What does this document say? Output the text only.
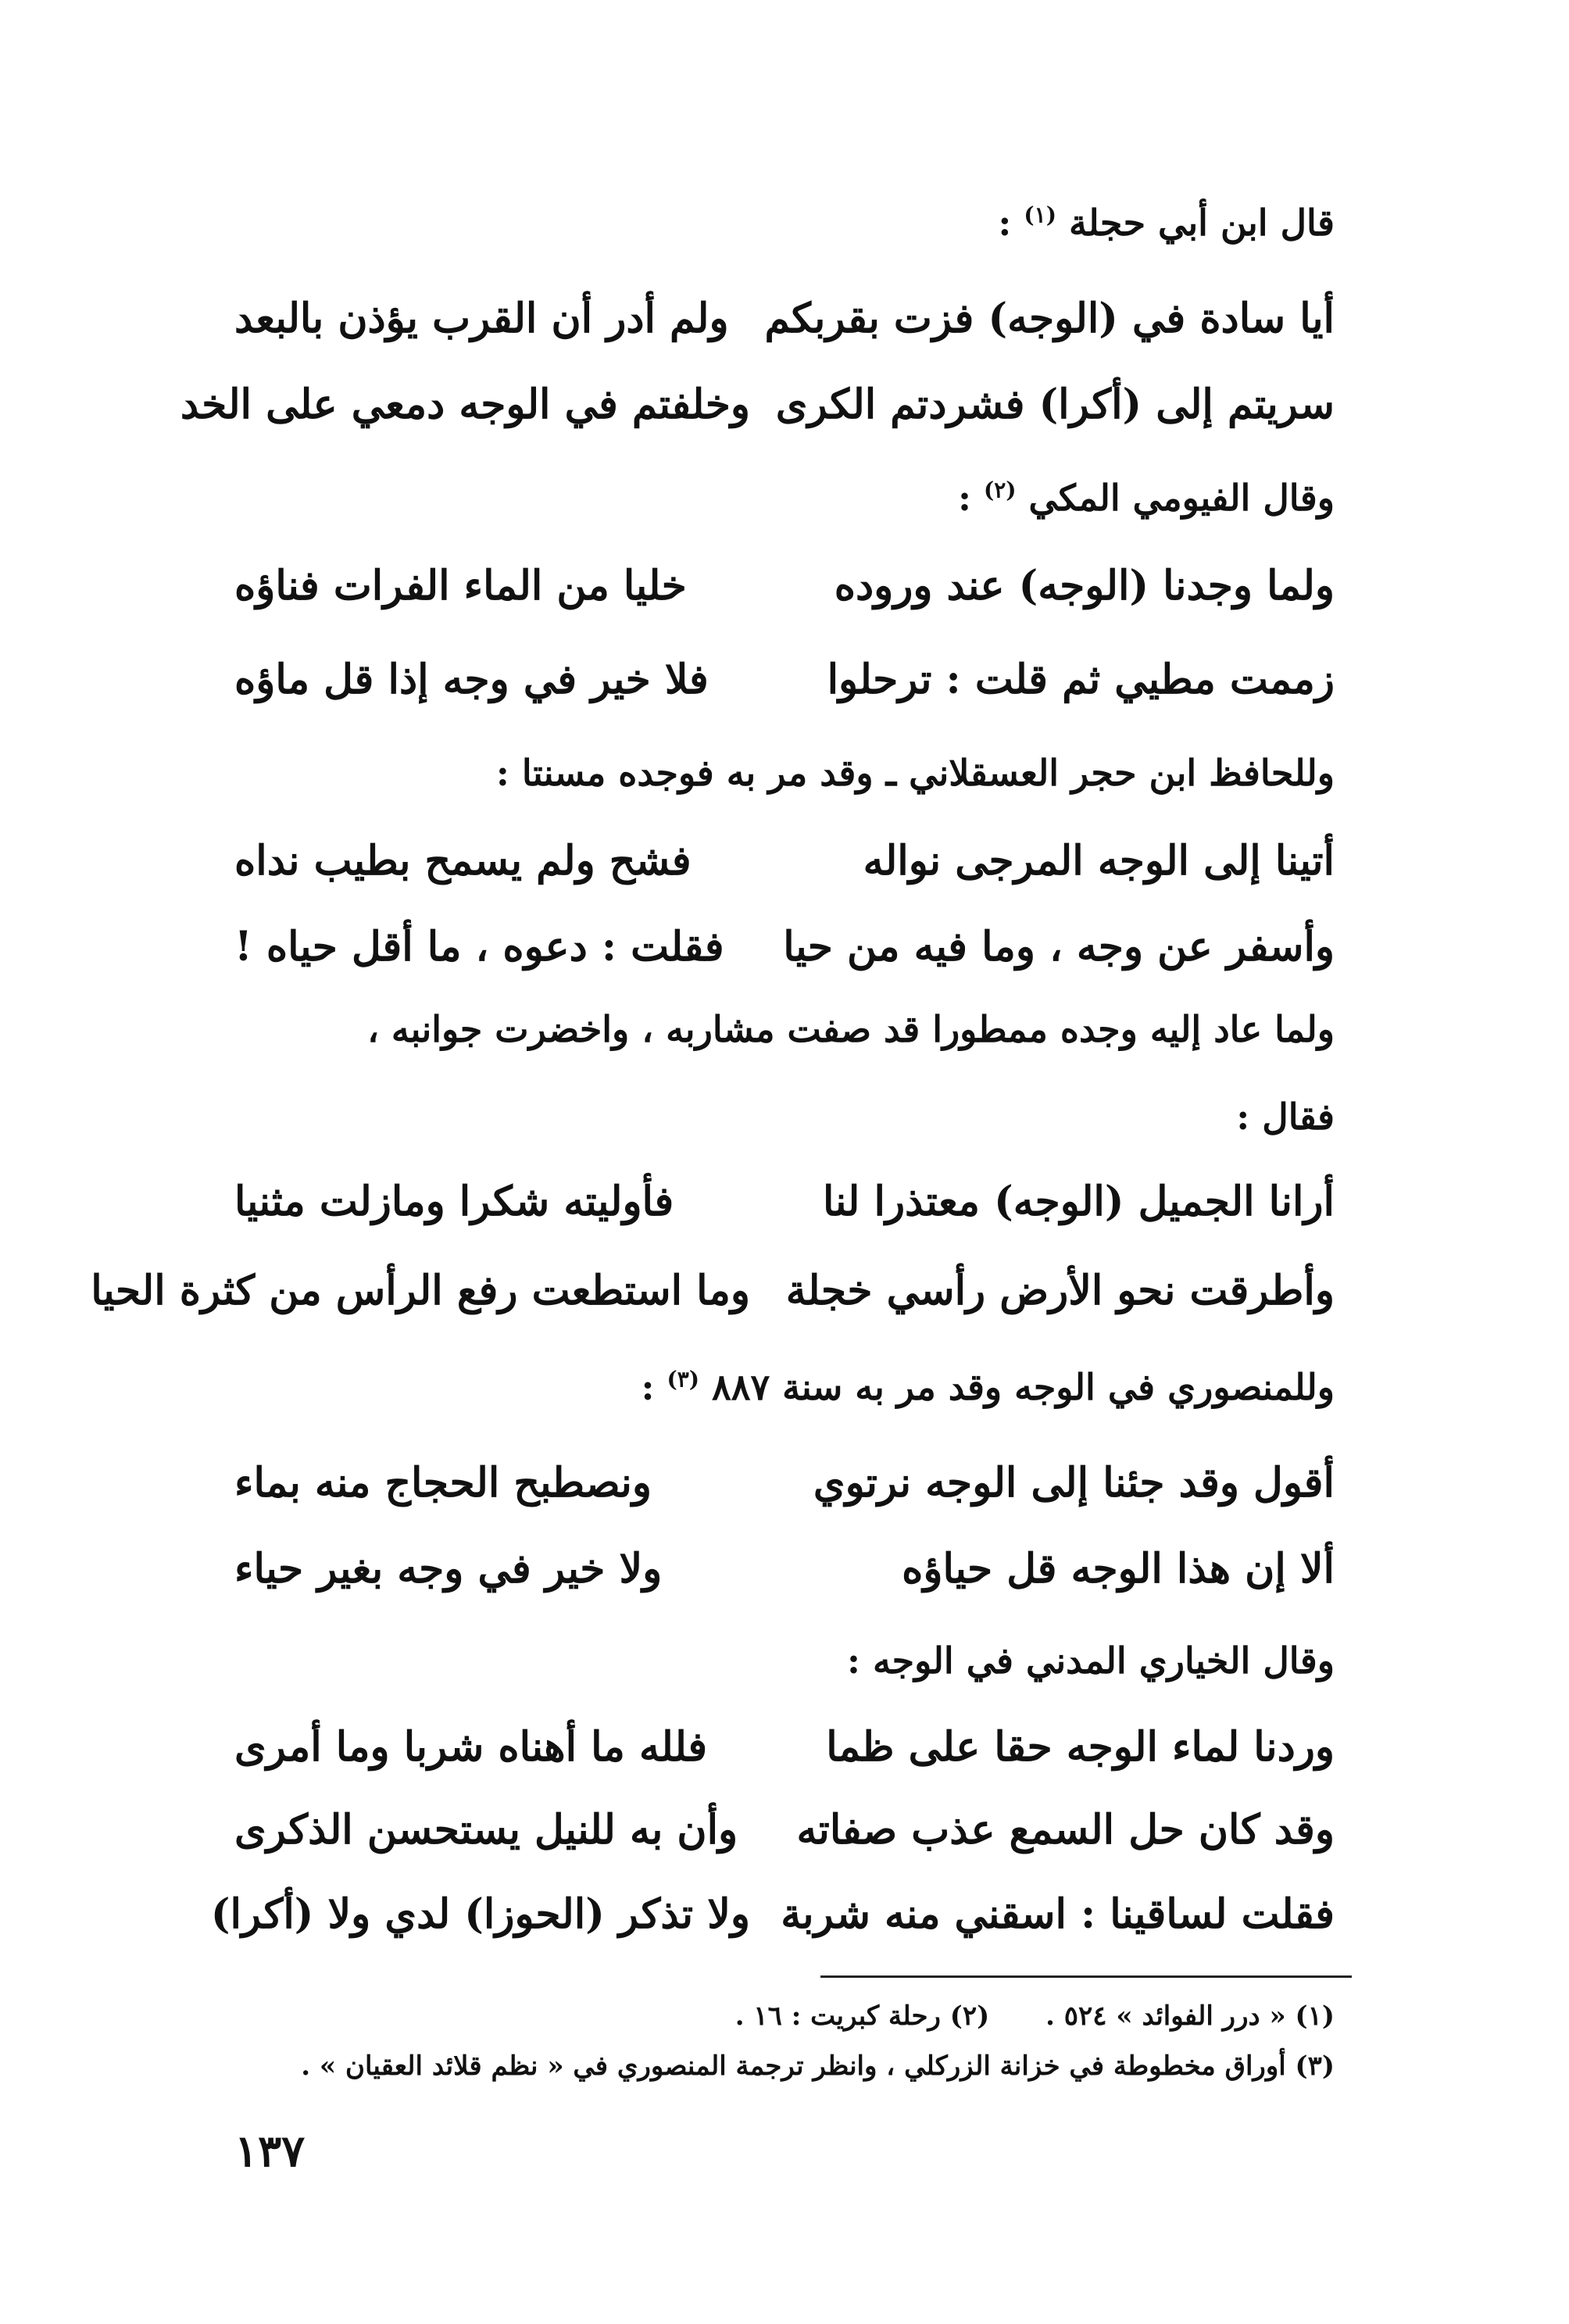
قال ابن أبي حجلة $^{(١)}$ :
أيا سادة في (الوجه) فزت بقربكم
ولم أدر أن القرب يؤذن بالبعد
سريتم إلى (أكرا) فشردتم الكرى
وخلفتم في الوجه دمعي على الخد
وقال الفيومي المكي $^{(٢)}$ :
ولما وجدنا (الوجه) عند وروده
خليا من الماء الفرات فناؤه
زممت مطيي ثم قلت : ترحلوا
فلا خير في وجه إذا قل ماؤه
وللحافظ ابن حجر العسقلاني ـ وقد مر به فوجده مسنتا :
أتينا إلى الوجه المرجى نواله
فشح ولم يسمح بطيب نداه
وأسفر عن وجه ، وما فيه من حيا
فقلت : دعوه ، ما أقل حياه !
ولما عاد إليه وجده ممطورا قد صفت مشاربه ، واخضرت جوانبه ،
فقال :
أرانا الجميل (الوجه) معتذرا لنا
فأوليته شكرا ومازلت مثنيا
وأطرقت نحو الأرض رأسي خجلة
وما استطعت رفع الرأس من كثرة الحيا
وللمنصوري في الوجه وقد مر به سنة ٨٨٧ $^{(٣)}$ :
أقول وقد جئنا إلى الوجه نرتوي
ونصطبح الحجاج منه بماء
ألا إن هذا الوجه قل حياؤه
ولا خير في وجه بغير حياء
وقال الخياري المدني في الوجه :
وردنا لماء الوجه حقا على ظما
فلله ما أهناه شربا وما أمرى
وقد كان حل السمع عذب صفاته
وأن به للنيل يستحسن الذكرى
فقلت لساقينا : اسقني منه شربة
ولا تذكر (الحوزا) لدي ولا (أكرا)
(١) « درر الفوائد » ٥٢٤ . (٢) رحلة كبريت : ١٦ .
(٣) أوراق مخطوطة في خزانة الزركلي ، وانظر ترجمة المنصوري في « نظم قلائد العقيان » .
١٣٧
